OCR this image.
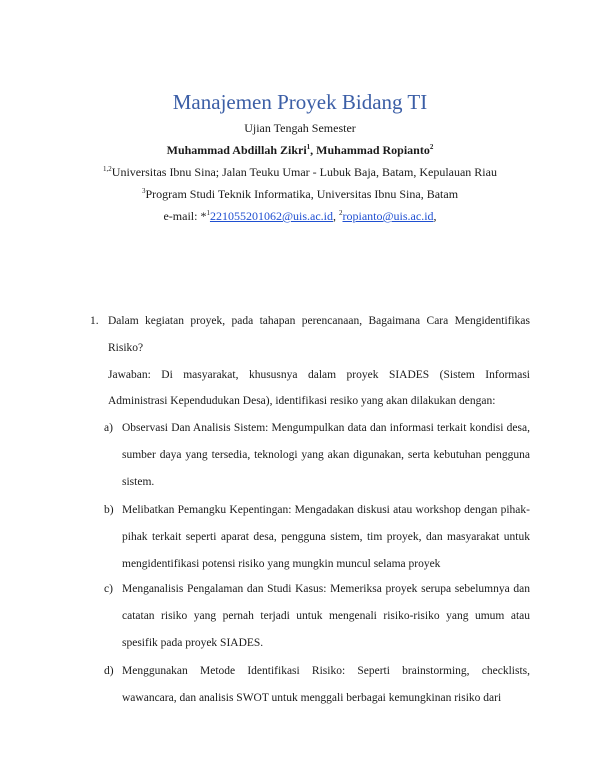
Manajemen Proyek Bidang TI
Ujian Tengah Semester
Muhammad Abdillah Zikri$^1$, Muhammad Ropianto$^2$
$^{1,2}$Universitas Ibnu Sina; Jalan Teuku Umar - Lubuk Baja, Batam, Kepulauan Riau
$^3$Program Studi Teknik Informatika, Universitas Ibnu Sina, Batam
e-mail: *$^1$221055201062@uis.ac.id, $^2$ropianto@uis.ac.id,
1. Dalam kegiatan proyek, pada tahapan perencanaan, Bagaimana Cara Mengidentifikas
Risiko?
Jawaban: Di masyarakat, khususnya dalam proyek SIADES (Sistem Informasi Administrasi Kependudukan Desa), identifikasi resiko yang akan dilakukan dengan:
a) Observasi Dan Analisis Sistem: Mengumpulkan data dan informasi terkait kondisi desa, sumber daya yang tersedia, teknologi yang akan digunakan, serta kebutuhan pengguna sistem.
b) Melibatkan Pemangku Kepentingan: Mengadakan diskusi atau workshop dengan pihak-pihak terkait seperti aparat desa, pengguna sistem, tim proyek, dan masyarakat untuk mengidentifikasi potensi risiko yang mungkin muncul selama proyek
c) Menganalisis Pengalaman dan Studi Kasus: Memeriksa proyek serupa sebelumnya dan catatan risiko yang pernah terjadi untuk mengenali risiko-risiko yang umum atau spesifik pada proyek SIADES.
d) Menggunakan Metode Identifikasi Risiko: Seperti brainstorming, checklists, wawancara, dan analisis SWOT untuk menggali berbagai kemungkinan risiko dari
